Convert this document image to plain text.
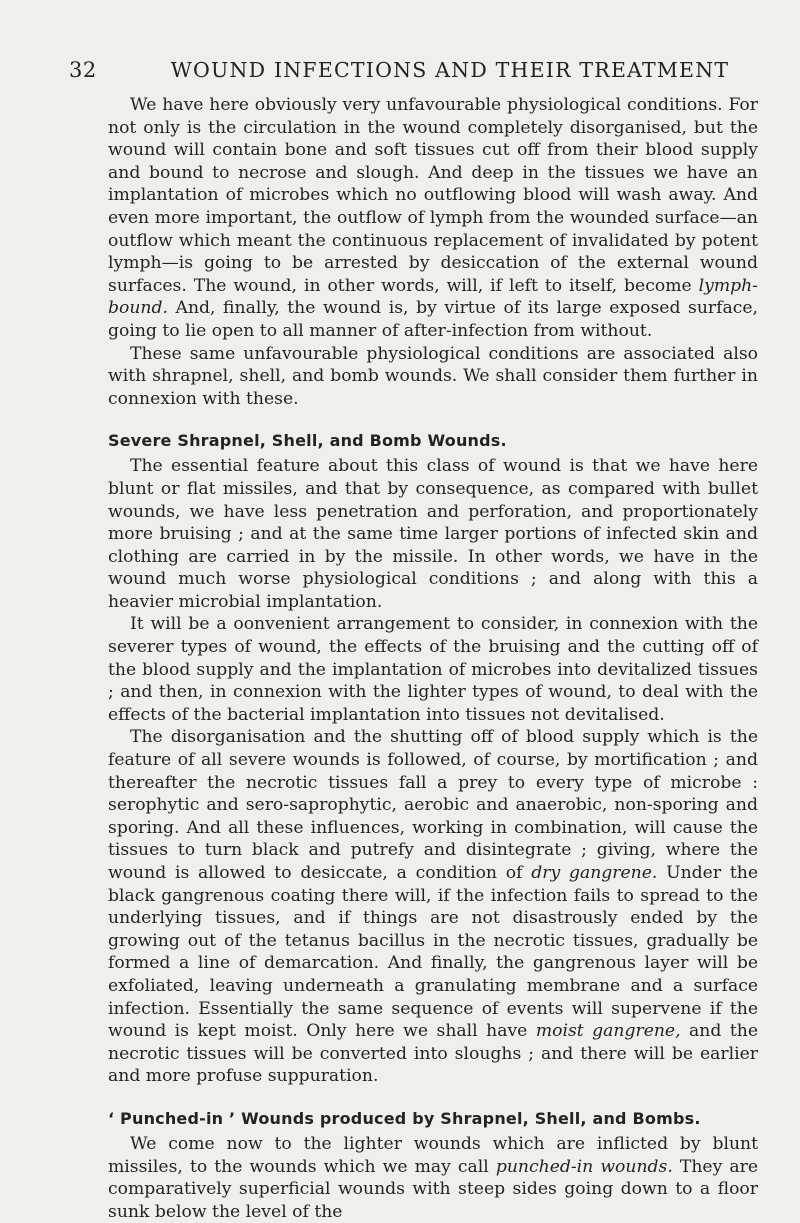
32	WOUND INFECTIONS AND THEIR TREATMENT

We have here obviously very unfavourable physiological conditions. For not only is the circulation in the wound completely disorganised, but the wound will contain bone and soft tissues cut off from their blood supply and bound to necrose and slough. And deep in the tissues we have an implantation of microbes which no outflowing blood will wash away. And even more important, the outflow of lymph from the wounded surface—an outflow which meant the continuous replacement of invalidated by potent lymph—is going to be arrested by desiccation of the external wound surfaces. The wound, in other words, will, if left to itself, become lymph-bound. And, finally, the wound is, by virtue of its large exposed surface, going to lie open to all manner of after-infection from without.

These same unfavourable physiological conditions are associated also with shrapnel, shell, and bomb wounds. We shall consider them further in connexion with these.

Severe Shrapnel, Shell, and Bomb Wounds.

The essential feature about this class of wound is that we have here blunt or flat missiles, and that by consequence, as compared with bullet wounds, we have less penetration and perforation, and proportionately more bruising ; and at the same time larger portions of infected skin and clothing are carried in by the missile. In other words, we have in the wound much worse physiological conditions ; and along with this a heavier microbial implantation.

It will be a oonvenient arrangement to consider, in connexion with the severer types of wound, the effects of the bruising and the cutting off of the blood supply and the implantation of microbes into devitalized tissues ; and then, in connexion with the lighter types of wound, to deal with the effects of the bacterial implantation into tissues not devitalised.

The disorganisation and the shutting off of blood supply which is the feature of all severe wounds is followed, of course, by mortification ; and thereafter the necrotic tissues fall a prey to every type of microbe : serophytic and sero-saprophytic, aerobic and anaerobic, non-sporing and sporing. And all these influences, working in combination, will cause the tissues to turn black and putrefy and disintegrate ; giving, where the wound is allowed to desiccate, a condition of dry gangrene. Under the black gangrenous coating there will, if the infection fails to spread to the underlying tissues, and if things are not disastrously ended by the growing out of the tetanus bacillus in the necrotic tissues, gradually be formed a line of demarcation. And finally, the gangrenous layer will be exfoliated, leaving underneath a granulating membrane and a surface infection. Essentially the same sequence of events will supervene if the wound is kept moist. Only here we shall have moist gangrene, and the necrotic tissues will be converted into sloughs ; and there will be earlier and more profuse suppuration.

‘ Punched-in ’ Wounds produced by Shrapnel, Shell, and Bombs.

We come now to the lighter wounds which are inflicted by blunt missiles, to the wounds which we may call punched-in wounds. They are comparatively superficial wounds with steep sides going down to a floor sunk below the level of the
